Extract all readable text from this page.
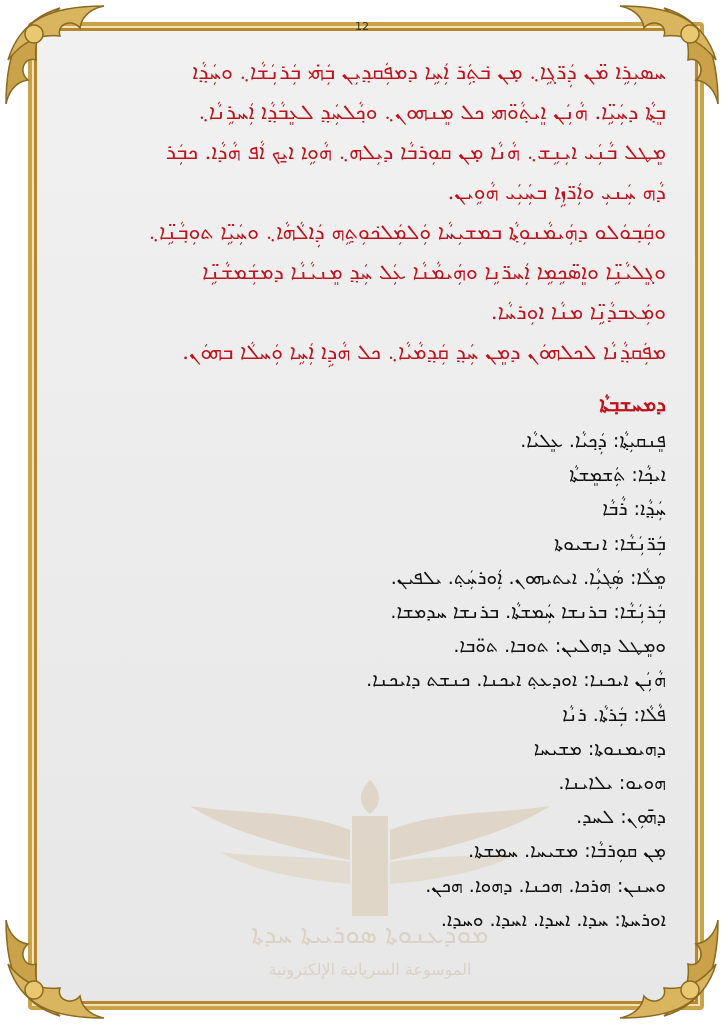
ܡܘܕܥܢܘܬܐ ܣܘܪܝܝܬܐ ܚܕܬܐ
الموسوعة السريانية الإلكترونية
12

ܚܣܝܼܪܹܐ ܡ̈ܢ ܕܲܪ̈ܓܹܐ܆ ܡ̣ܢ ܒ݁ܬ݂ܲܪ ܐܲܚܹܐ ܕܡܦܲܩܕ݂ܝܼܢ ܒܲܗ̇ܝ ܒܲܪܢܲܫܵܐ܆ ܘܚܲܕ݂ܵܐ

ܒܸܬ݂ܵܐ ܕܚܲܝܹ̈ܐ. ܗܵܢܲܢ ܐܸܝܬ݂ܵܘ̈ܗܝ ܟܠ ܡܸܢܗܘܢ܆ ܘܟ݂ܵܠܚܲܕ݂ ܠܥܸܒܵܕ݂ܵܐ ܐܲܚܪܹܢܵܐ܆

ܡܸܛܠ ܒܵܢܲܝ ܐܝܼܢܹܫ܆ ܗܵܢܵܐ ܡ̣ܢ ܩܘܼܪܒܵܐ ܕܝܼܠܗ܆ ܗܵܘܹܐ ܐ̱ܝܟ ܐܵܦ ܗܵܕܵܐ. ܟܒܲܪ

ܕܵܗ ܚܲܢܝܼ ܘܐܲܪ̈ܙܹܐ ܒܚܲܝܲܝ ܗܵܘܹܝܢ.

ܘܩܲܒ݂ܘܿܠܘ ܕܗܲܝܡܵܢܘܼܬ݂ܵܐ ܒܡܫܝܼܚܵܐ ܘܲܠܡܲܠܟ݁ܘܼܬ݂ܹܗ ܕܲܐܠܵܗܵܐ܆ ܘܚܲܝܹ̈ܐ ܬܘܼܒ݂ܵܢܹ̈ܐ܆

ܘܓܸܠܝܵܢܹ̈ܐ ܘܐܸܣ̈ܟܹܡܹܐ ܐܲܚܪ̈ܢܹܐ ܘܗܲܝܡܵܢܵܐ ܥܲܠ ܚܲܕ݂ ܡܸܢܝܵܢܵܐ ܕܡܫܲܡܫܵܢܹ̈ܐ

ܘܡܲܥܒܕܵܢܹ̈ܐ ܡܢܵܐ ܐܘܼܪܚܵܐ.

ܡܦܲܩܕ݂ܵܢܵܐ ܠܟܠܗܘܿܢ ܕܡܸܢ ܚܲܕ݂ ܩܲܕ݂ܡܵܝܵܐ܆ ܟܠ ܗܵܕܹܐ ܐܲܚܹܐ ܘܲܚܠܵܐ ܒܗܘܿܢ.

ܕܡܚܫܒ݂ܬܵܐ
ܦܸܢܩܝܼܬ݂ܵܐ: ܕܲܟ݂ܝܵܐ. ܥܸܠܝܵܐ.
ܐܝܟ݂ܵܐ: ܬܲܫܡܸܫܬܵܐ
ܚܲܕ݂ܵܐ: ܪܵܒܵܐ
ܒܲܪ̈ܢܲܫܵܐ: ܐܢܫܝܘܬܐ
ܡܸܠܵܐ: ܣܲܓܝܼܵܐ. ܐܝܬܝܗܘܢ. ܐܲܘܪܚܲܬ݂. ܝܠܦܝܢ.
ܒܲܪܢܲܫܵܐ: ܒܪܢܫܐ ܚܲܡܫܬܵܐ. ܒܪܢܫܐ ܚܕܡܫܐ.
ܘܡܸܛܠ ܕܗܠܝܢ: ܬܘܒܐ. ܬܘ̈ܒܐ.
ܗܵܢܲܢ ܐܝܟܢܐ: ܐܘܕܥܬ݂ ܐܝܟܢܐ. ܟܢܫܬ ܕܐܝܟܢܐ.
ܦܵܠܵܐ: ܒܲܪܬܵܐ. ܪܢܵܐ
ܕܗܝܡܢܘܬܐ: ܡܫܝܚܐ
ܗܘܝܘ: ܝܠܐܝܢܐ.
ܕܗ̄ܘܼܢ: ܠܚܕ.
ܡ̣ܢ ܩܘܼܪܒܵܐ: ܡܫܝܚܐ. ܚܡܫܬܐ.
ܘܚܢܢ: ܗܪܟܐ. ܗܟܢܐ. ܕܗܘܐ. ܗܟܢ.
ܐܘܪܚܬܐ: ܚܕܐ. ܐܚܕܐ. ܐܚܕܐ. ܘܚܕܐ.
